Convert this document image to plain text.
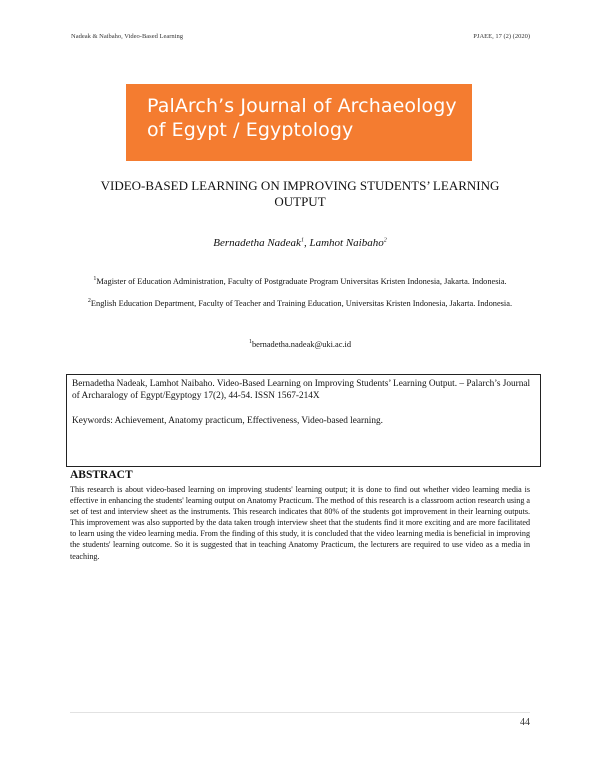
Nadeak & Naibaho, Video-Based Learning	PJAEE, 17 (2) (2020)
PalArch’s Journal of Archaeology
of Egypt / Egyptology
VIDEO-BASED LEARNING ON IMPROVING STUDENTS’ LEARNING OUTPUT
Bernadetha Nadeak$^1$, Lamhot Naibaho$^2$
$^1$Magister of Education Administration, Faculty of Postgraduate Program Universitas Kristen Indonesia, Jakarta. Indonesia.
$^2$English Education Department, Faculty of Teacher and Training Education, Universitas Kristen Indonesia, Jakarta. Indonesia.
$^1$bernadetha.nadeak@uki.ac.id
Bernadetha Nadeak, Lamhot Naibaho. Video-Based Learning on Improving Students’ Learning Output. – Palarch’s Journal of Archaralogy of Egypt/Egyptogy 17(2), 44-54. ISSN 1567-214X
Keywords: Achievement, Anatomy practicum, Effectiveness, Video-based learning.
ABSTRACT

This research is about video-based learning on improving students' learning output; it is done to find out whether video learning media is effective in enhancing the students' learning output on Anatomy Practicum. The method of this research is a classroom action research using a set of test and interview sheet as the instruments. This research indicates that 80% of the students got improvement in their learning outputs. This improvement was also supported by the data taken trough interview sheet that the students find it more exciting and are more facilitated to learn using the video learning media. From the finding of this study, it is concluded that the video learning media is beneficial in improving the students' learning outcome. So it is suggested that in teaching Anatomy Practicum, the lecturers are required to use video as a media in teaching.

44
